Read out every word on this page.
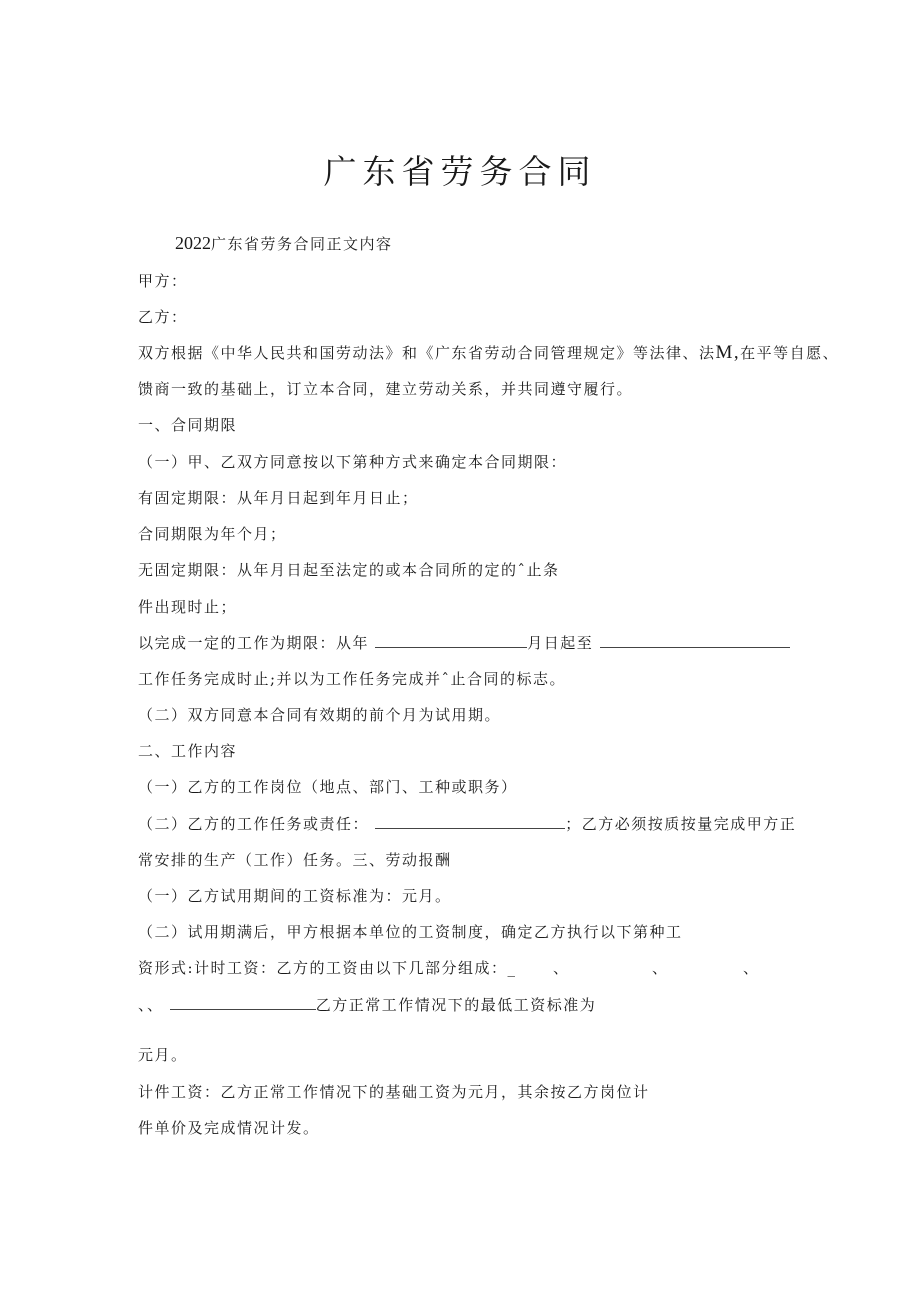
广东省劳务合同
2022广东省劳务合同正文内容
甲方：
乙方：
双方根据《中华人民共和国劳动法》和《广东省劳动合同管理规定》等法律、法M,在平等自愿、
馈商一致的基础上，订立本合同，建立劳动关系，并共同遵守履行。
一、合同期限
（一）甲、乙双方同意按以下第种方式来确定本合同期限：
有固定期限：从年月日起到年月日止；
合同期限为年个月；
无固定期限：从年月日起至法定的或本合同所的定的ˆ止条
件出现时止；
以完成一定的工作为期限：从年	月日起至
工作任务完成时止;并以为工作任务完成并ˆ止合同的标志。
（二）双方同意本合同有效期的前个月为试用期。
二、工作内容
（一）乙方的工作岗位（地点、部门、工种或职务）
（二）乙方的工作任务或责任：	；乙方必须按质按量完成甲方正
常安排的生产（工作）任务。三、劳动报酬
（一）乙方试用期间的工资标准为：元月。
（二）试用期满后，甲方根据本单位的工资制度，确定乙方执行以下第种工
资形式:计时工资：乙方的工资由以下几部分组成：_ 、	、	、
、、	乙方正常工作情况下的最低工资标准为
元月。
计件工资：乙方正常工作情况下的基础工资为元月，其余按乙方岗位计
件单价及完成情况计发。
